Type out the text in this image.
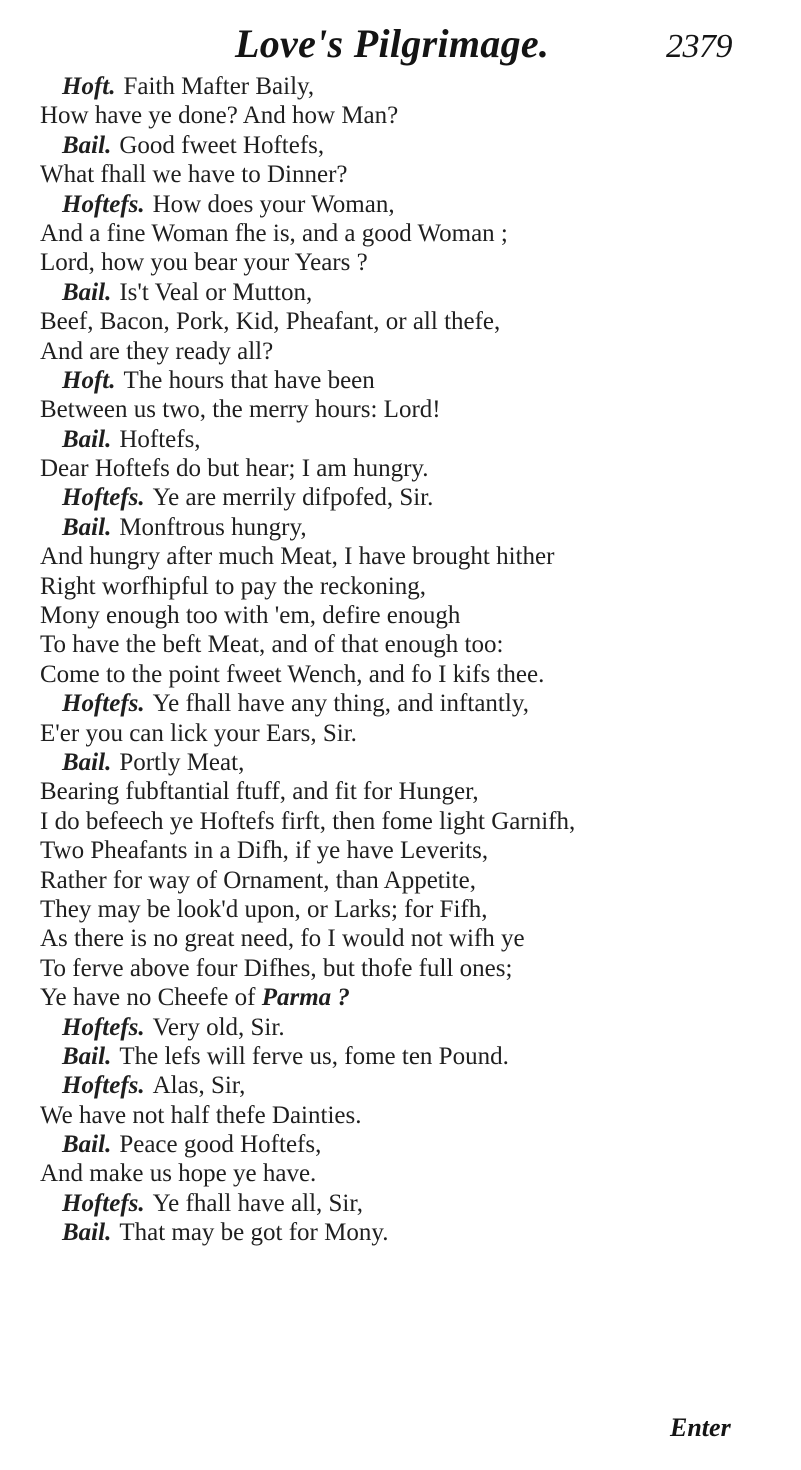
Love's Pilgrimage.	2379
Hoft. Faith Mafter Baily,
How have ye done? And how Man?
Bail. Good fweet Hoftefs,
What fhall we have to Dinner?
Hoftefs. How does your Woman,
And a fine Woman fhe is, and a good Woman ;
Lord, how you bear your Years ?
Bail. Is't Veal or Mutton,
Beef, Bacon, Pork, Kid, Pheafant, or all thefe,
And are they ready all?
Hoft. The hours that have been
Between us two, the merry hours: Lord!
Bail. Hoftefs,
Dear Hoftefs do but hear; I am hungry.
Hoftefs. Ye are merrily difpofed, Sir.
Bail. Monftrous hungry,
And hungry after much Meat, I have brought hither
Right worfhipful to pay the reckoning,
Mony enough too with 'em, defire enough
To have the beft Meat, and of that enough too:
Come to the point fweet Wench, and fo I kifs thee.
Hoftefs. Ye fhall have any thing, and inftantly,
E'er you can lick your Ears, Sir.
Bail. Portly Meat,
Bearing fubftantial ftuff, and fit for Hunger,
I do befeech ye Hoftefs firft, then fome light Garnifh,
Two Pheafants in a Difh, if ye have Leverits,
Rather for way of Ornament, than Appetite,
They may be look'd upon, or Larks; for Fifh,
As there is no great need, fo I would not wifh ye
To ferve above four Difhes, but thofe full ones;
Ye have no Cheefe of Parma ?
Hoftefs. Very old, Sir.
Bail. The lefs will ferve us, fome ten Pound.
Hoftefs. Alas, Sir,
We have not half thefe Dainties.
Bail. Peace good Hoftefs,
And make us hope ye have.
Hoftefs. Ye fhall have all, Sir,
Bail. That may be got for Mony.
Enter
